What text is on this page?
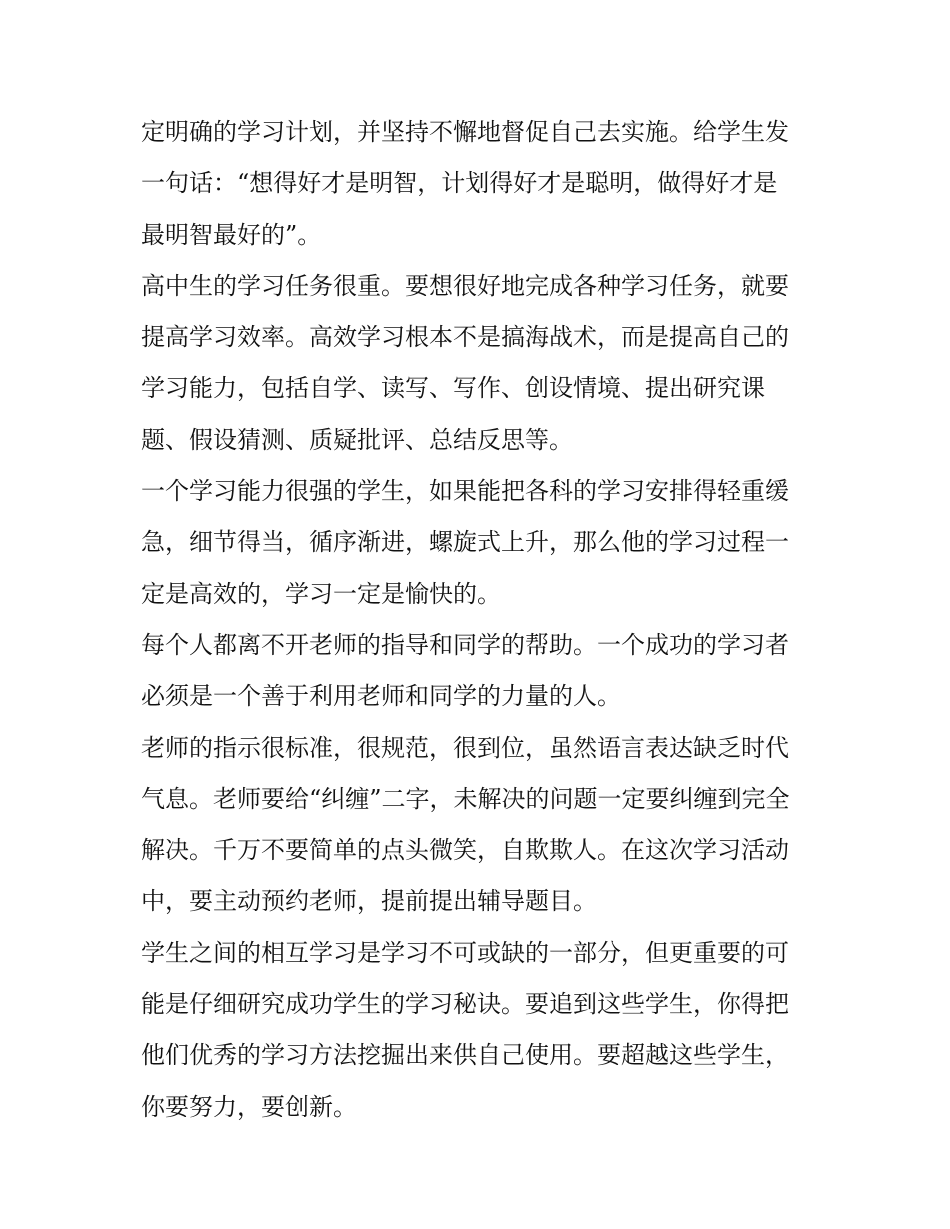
定明确的学习计划，并坚持不懈地督促自己去实施。给学生发
一句话：“想得好才是明智，计划得好才是聪明，做得好才是
最明智最好的”。
高中生的学习任务很重。要想很好地完成各种学习任务，就要
提高学习效率。高效学习根本不是搞海战术，而是提高自己的
学习能力，包括自学、读写、写作、创设情境、提出研究课
题、假设猜测、质疑批评、总结反思等。
一个学习能力很强的学生，如果能把各科的学习安排得轻重缓
急，细节得当，循序渐进，螺旋式上升，那么他的学习过程一
定是高效的，学习一定是愉快的。
每个人都离不开老师的指导和同学的帮助。一个成功的学习者
必须是一个善于利用老师和同学的力量的人。
老师的指示很标准，很规范，很到位，虽然语言表达缺乏时代
气息。老师要给“纠缠”二字，未解决的问题一定要纠缠到完全
解决。千万不要简单的点头微笑，自欺欺人。在这次学习活动
中，要主动预约老师，提前提出辅导题目。
学生之间的相互学习是学习不可或缺的一部分，但更重要的可
能是仔细研究成功学生的学习秘诀。要追到这些学生，你得把
他们优秀的学习方法挖掘出来供自己使用。要超越这些学生，
你要努力，要创新。
